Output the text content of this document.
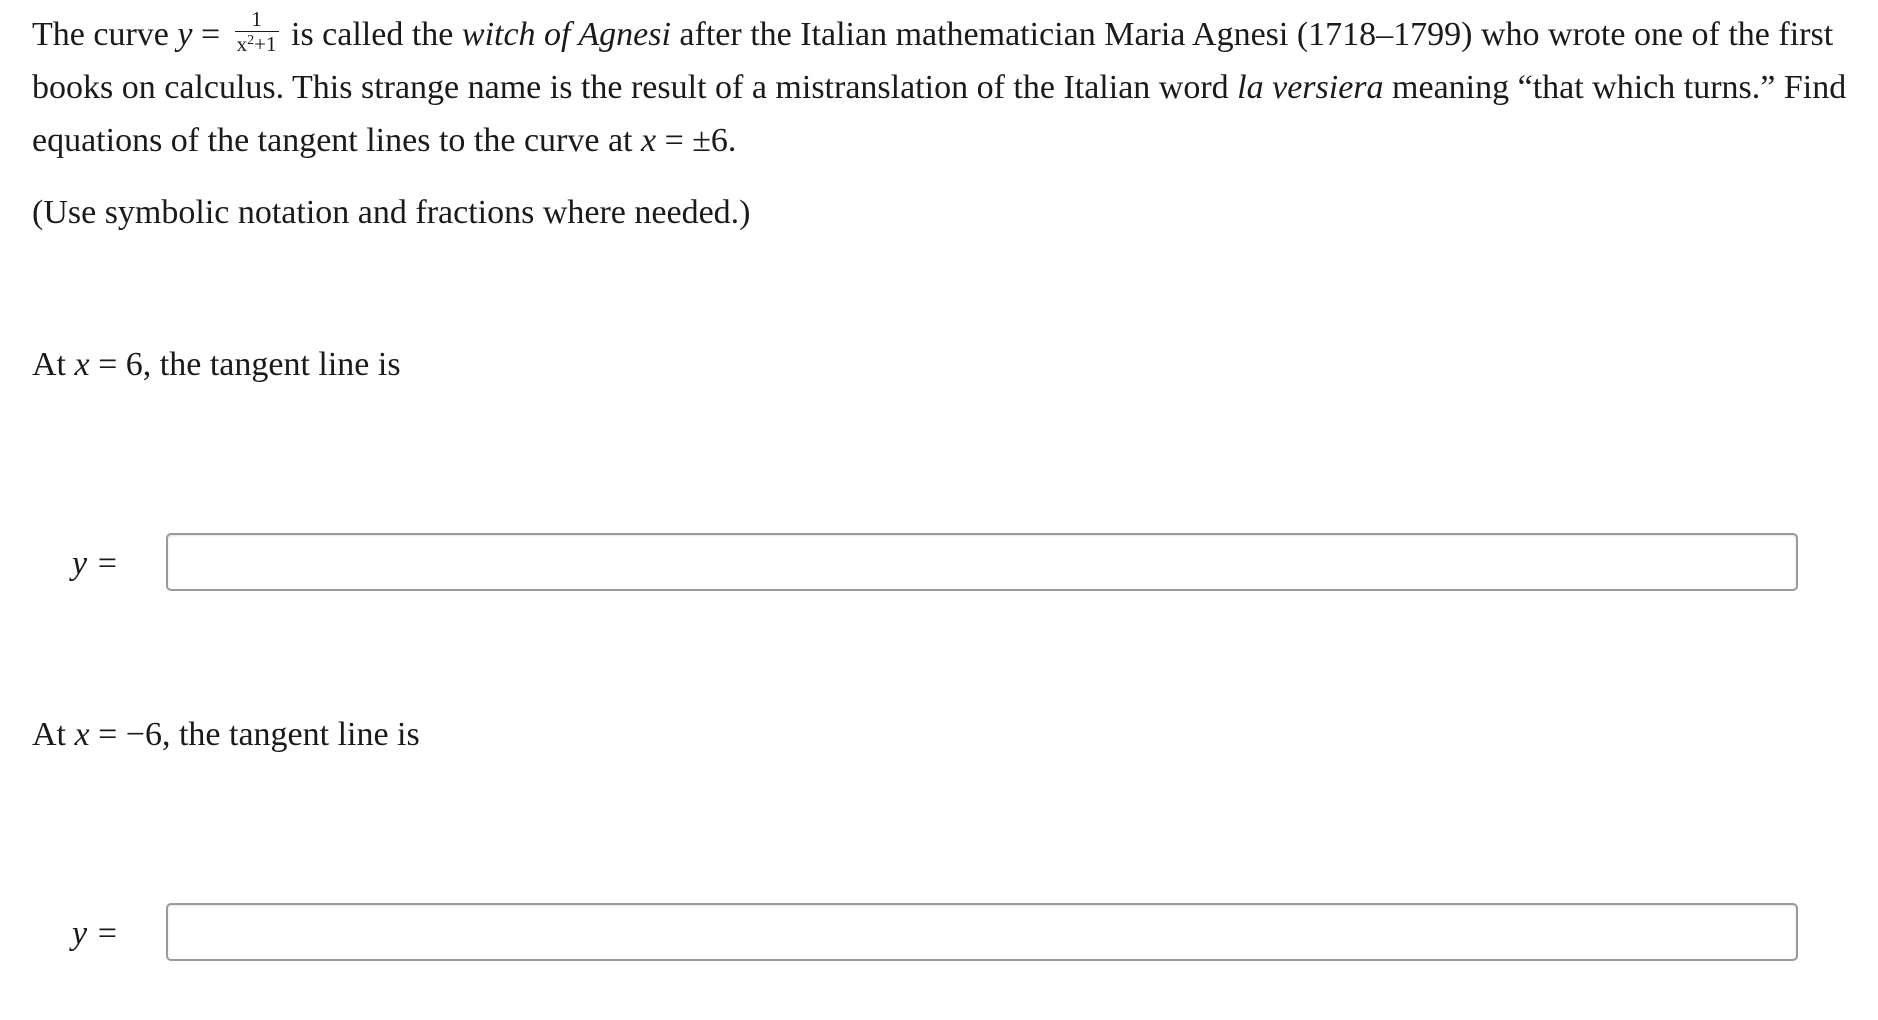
The curve $y = \frac{1}{x^2+1}$ is called the witch of Agnesi after the Italian mathematician Maria Agnesi (1718–1799) who wrote one of the first books on calculus. This strange name is the result of a mistranslation of the Italian word la versiera meaning “that which turns.” Find equations of the tangent lines to the curve at x = ±6.

(Use symbolic notation and fractions where needed.)
At x = 6, the tangent line is
y =
At x = −6, the tangent line is
y =
